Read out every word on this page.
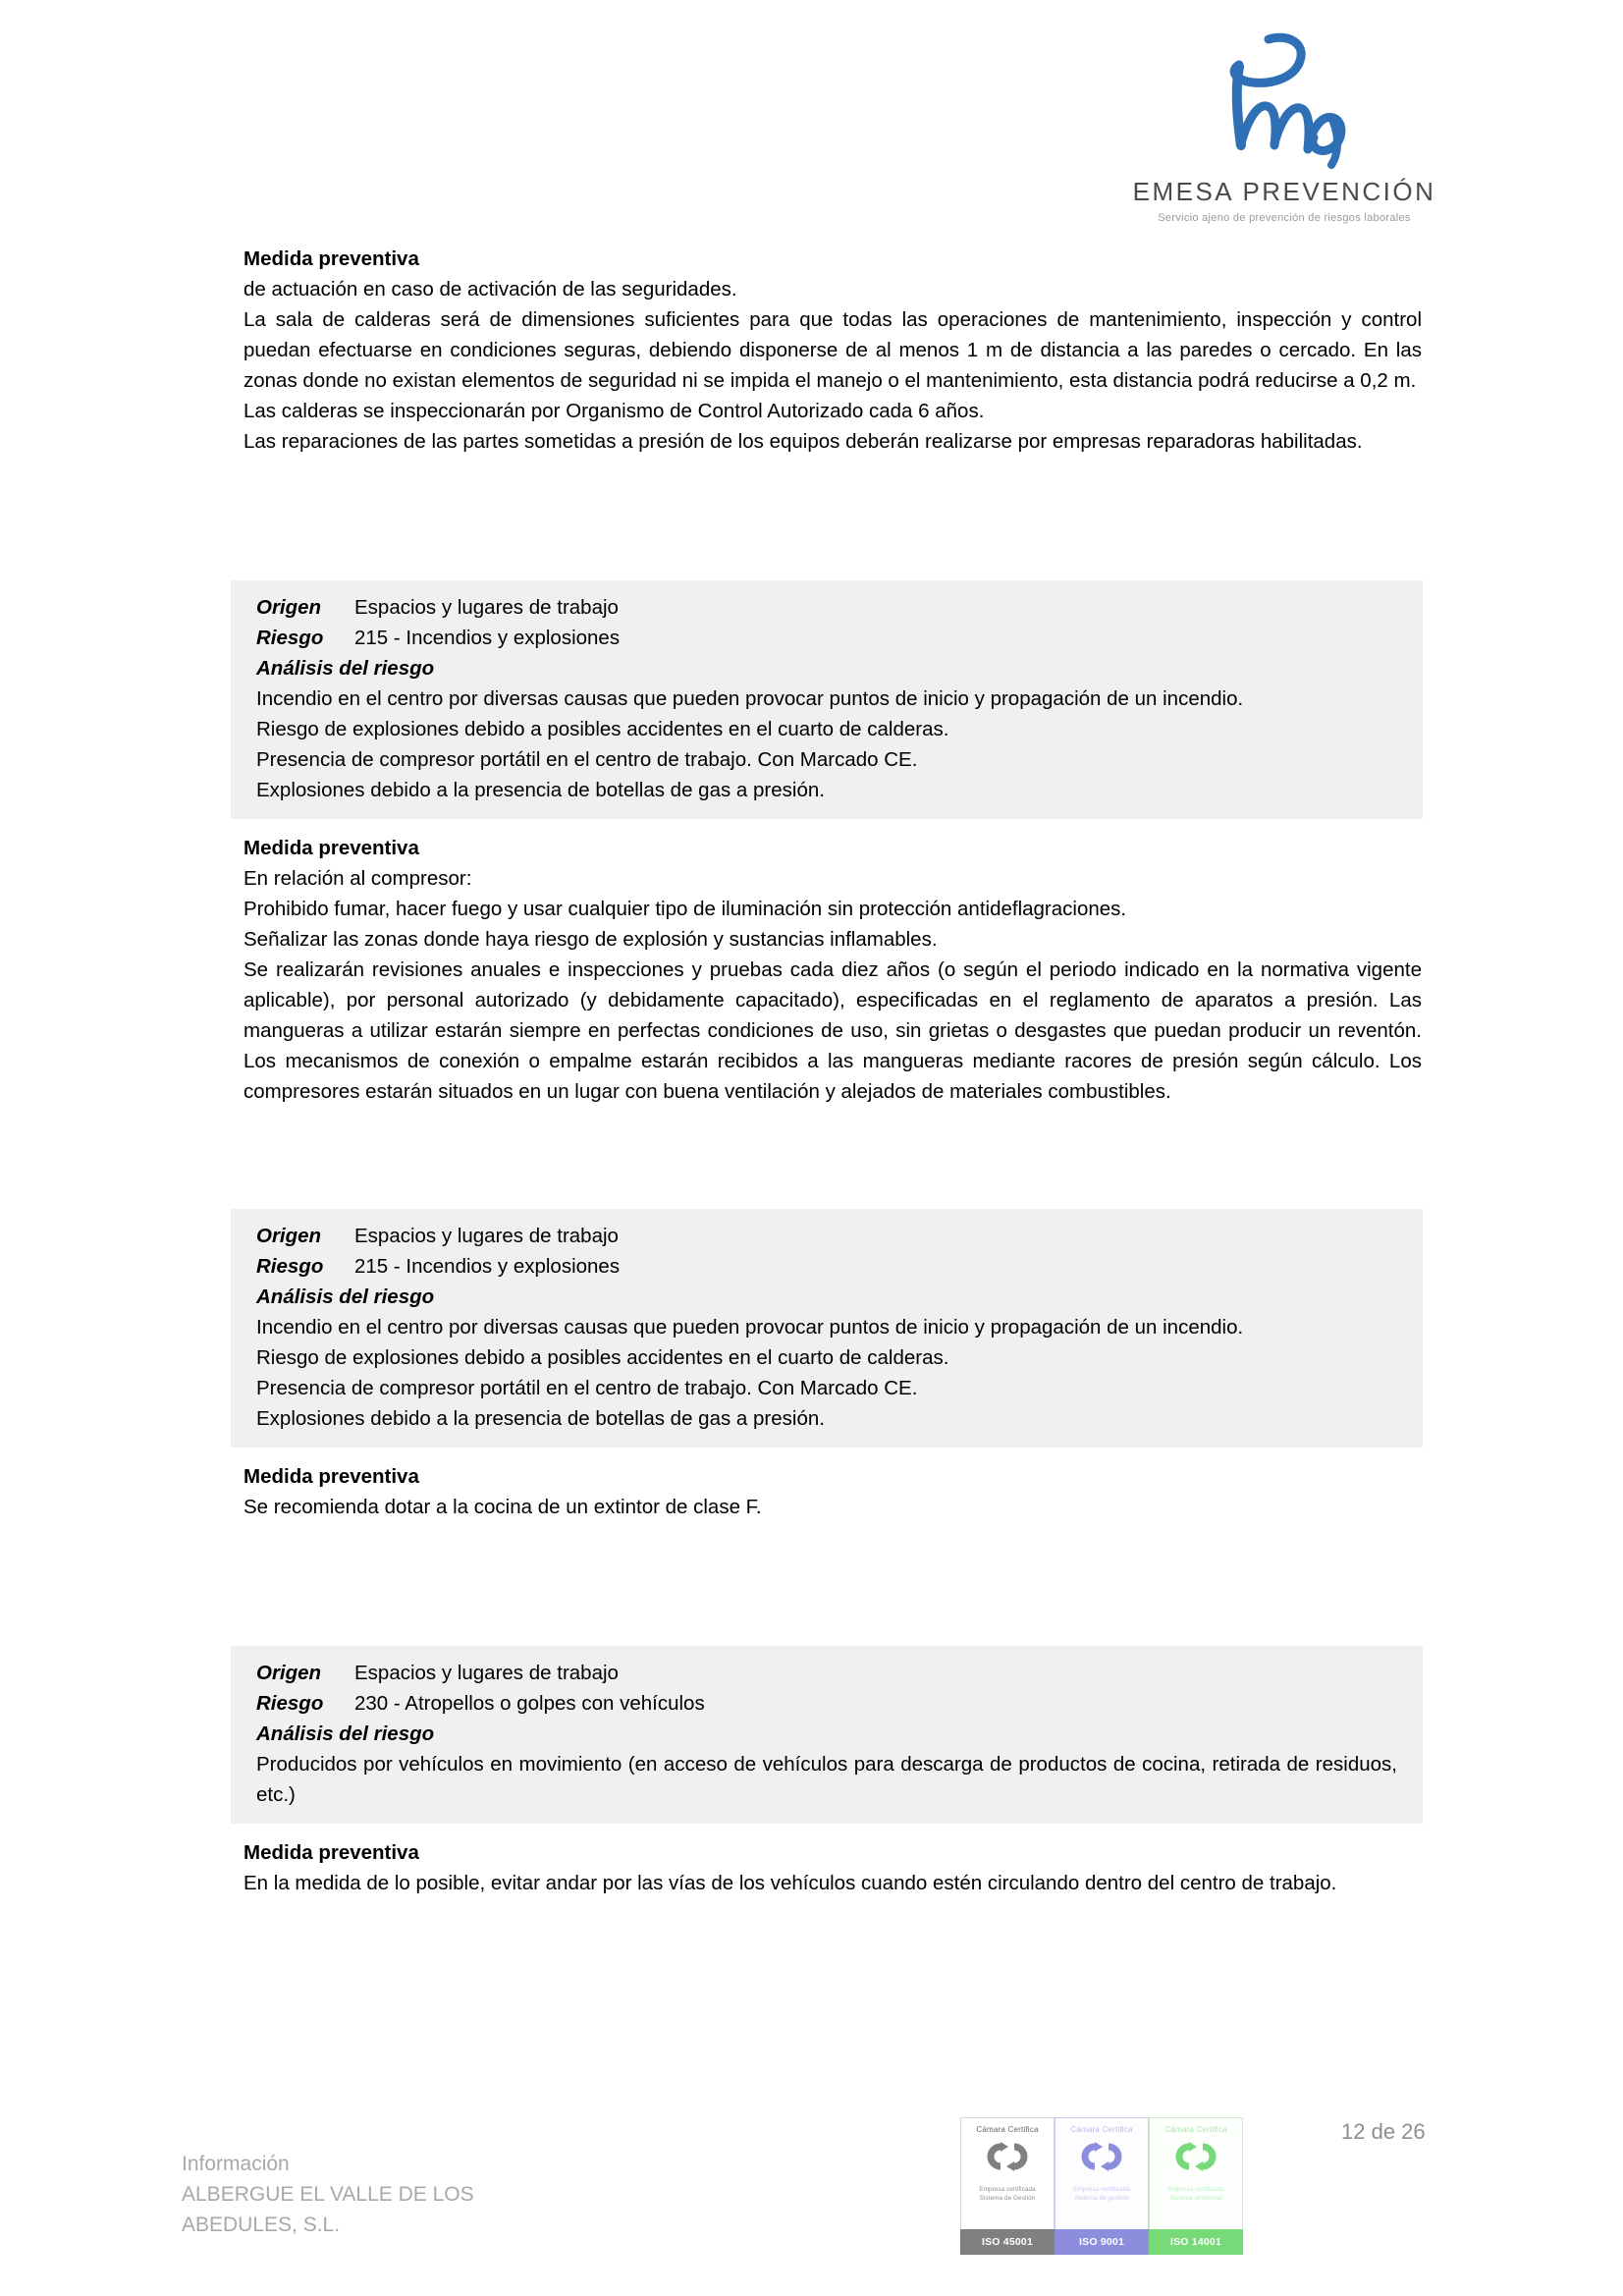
EMESA PREVENCIÓN
Servicio ajeno de prevención de riesgos laborales
Medida preventiva
de actuación en caso de activación de las seguridades.
La sala de calderas será de dimensiones suficientes para que todas las operaciones de mantenimiento, inspección y control puedan efectuarse en condiciones seguras, debiendo disponerse de al menos 1 m de distancia a las paredes o cercado. En las zonas donde no existan elementos de seguridad ni se impida el manejo o el mantenimiento, esta distancia podrá reducirse a 0,2 m.
Las calderas se inspeccionarán por Organismo de Control Autorizado cada 6 años.
Las reparaciones de las partes sometidas a presión de los equipos deberán realizarse por empresas reparadoras habilitadas.
Origen	Espacios y lugares de trabajo
Riesgo	215 - Incendios y explosiones
Análisis del riesgo
Incendio en el centro por diversas causas que pueden provocar puntos de inicio y propagación de un incendio.
Riesgo de explosiones debido a posibles accidentes en el cuarto de calderas.
Presencia de compresor portátil en el centro de trabajo. Con Marcado CE.
Explosiones debido a la presencia de botellas de gas a presión.
Medida preventiva
En relación al compresor:
Prohibido fumar, hacer fuego y usar cualquier tipo de iluminación sin protección antideflagraciones.
Señalizar las zonas donde haya riesgo de explosión y sustancias inflamables.
Se realizarán revisiones anuales e inspecciones y pruebas cada diez años (o según el periodo indicado en la normativa vigente aplicable), por personal autorizado (y debidamente capacitado), especificadas en el reglamento de aparatos a presión. Las mangueras a utilizar estarán siempre en perfectas condiciones de uso, sin grietas o desgastes que puedan producir un reventón. Los mecanismos de conexión o empalme estarán recibidos a las mangueras mediante racores de presión según cálculo. Los compresores estarán situados en un lugar con buena ventilación y alejados de materiales combustibles.
Origen	Espacios y lugares de trabajo
Riesgo	215 - Incendios y explosiones
Análisis del riesgo
Incendio en el centro por diversas causas que pueden provocar puntos de inicio y propagación de un incendio.
Riesgo de explosiones debido a posibles accidentes en el cuarto de calderas.
Presencia de compresor portátil en el centro de trabajo. Con Marcado CE.
Explosiones debido a la presencia de botellas de gas a presión.
Medida preventiva
Se recomienda dotar a la cocina de un extintor de clase F.
Origen	Espacios y lugares de trabajo
Riesgo	230 - Atropellos o golpes con vehículos
Análisis del riesgo
Producidos por vehículos en movimiento (en acceso de vehículos para descarga de productos de cocina, retirada de residuos, etc.)
Medida preventiva
En la medida de lo posible, evitar andar por las vías de los vehículos cuando estén circulando dentro del centro de trabajo.
Información
ALBERGUE EL VALLE DE LOS
ABEDULES, S.L.
Cámara Certifica
Empresa certificada
Sistema de Gestión
ISO 45001
Cámara Certifica
Empresa certificada
Sistema de gestión
ISO 9001
Cámara Certifica
Empresa certificada
Sistema ambiental
ISO 14001
12 de 26
